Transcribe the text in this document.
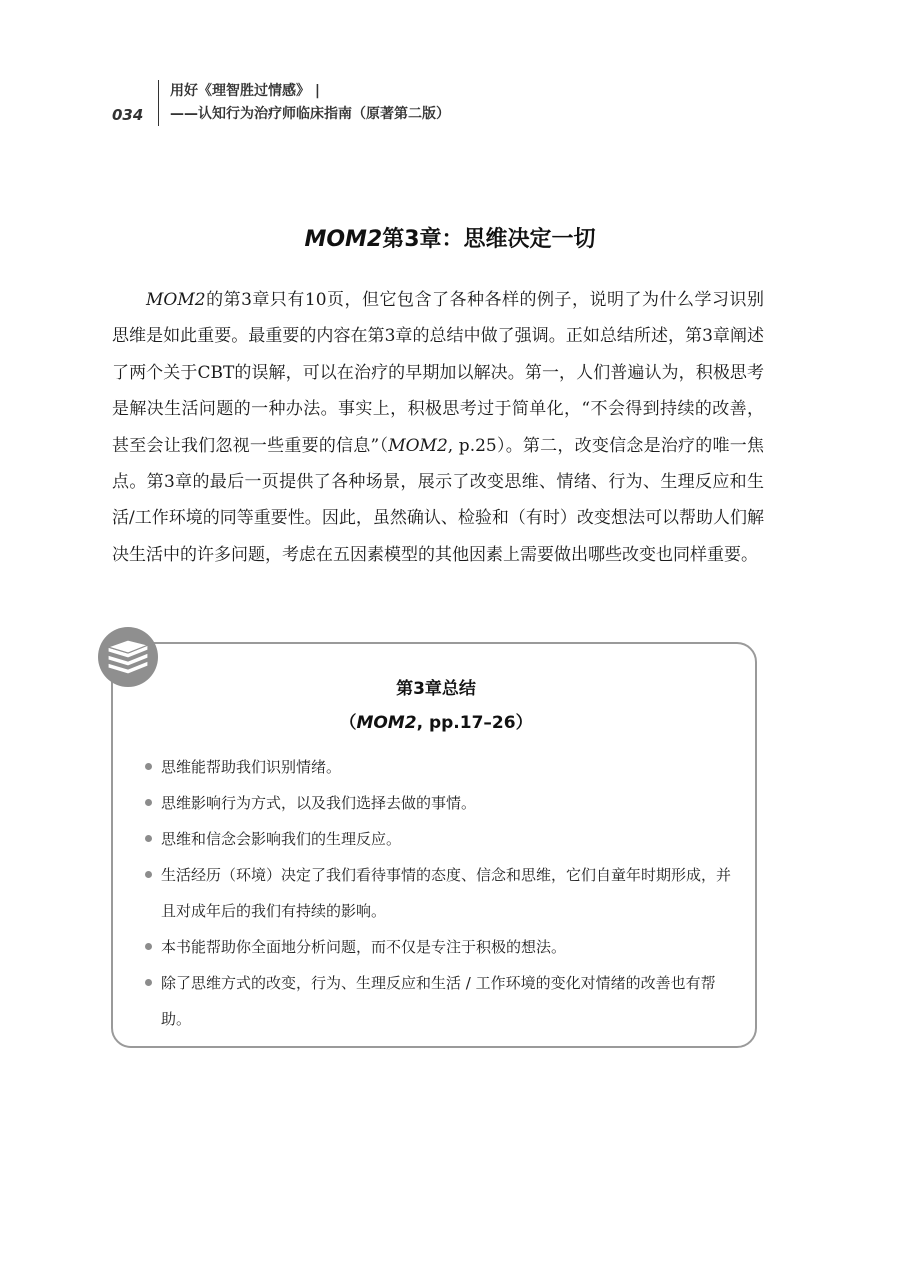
034
用好《理智胜过情感》 |
——认知行为治疗师临床指南（原著第二版）
MOM2第3章：思维决定一切

MOM2的第3章只有10页，但它包含了各种各样的例子，说明了为什么学习识别思维是如此重要。最重要的内容在第3章的总结中做了强调。正如总结所述，第3章阐述了两个关于CBT的误解，可以在治疗的早期加以解决。第一，人们普遍认为，积极思考是解决生活问题的一种办法。事实上，积极思考过于简单化，“不会得到持续的改善，甚至会让我们忽视一些重要的信息”（MOM2, p.25）。第二，改变信念是治疗的唯一焦点。第3章的最后一页提供了各种场景，展示了改变思维、情绪、行为、生理反应和生活/工作环境的同等重要性。因此，虽然确认、检验和（有时）改变想法可以帮助人们解决生活中的许多问题，考虑在五因素模型的其他因素上需要做出哪些改变也同样重要。

第3章总结
（MOM2, pp.17–26）
思维能帮助我们识别情绪。
思维影响行为方式，以及我们选择去做的事情。
思维和信念会影响我们的生理反应。
生活经历（环境）决定了我们看待事情的态度、信念和思维，它们自童年时期形成，并且对成年后的我们有持续的影响。
本书能帮助你全面地分析问题，而不仅是专注于积极的想法。
除了思维方式的改变，行为、生理反应和生活 / 工作环境的变化对情绪的改善也有帮助。
